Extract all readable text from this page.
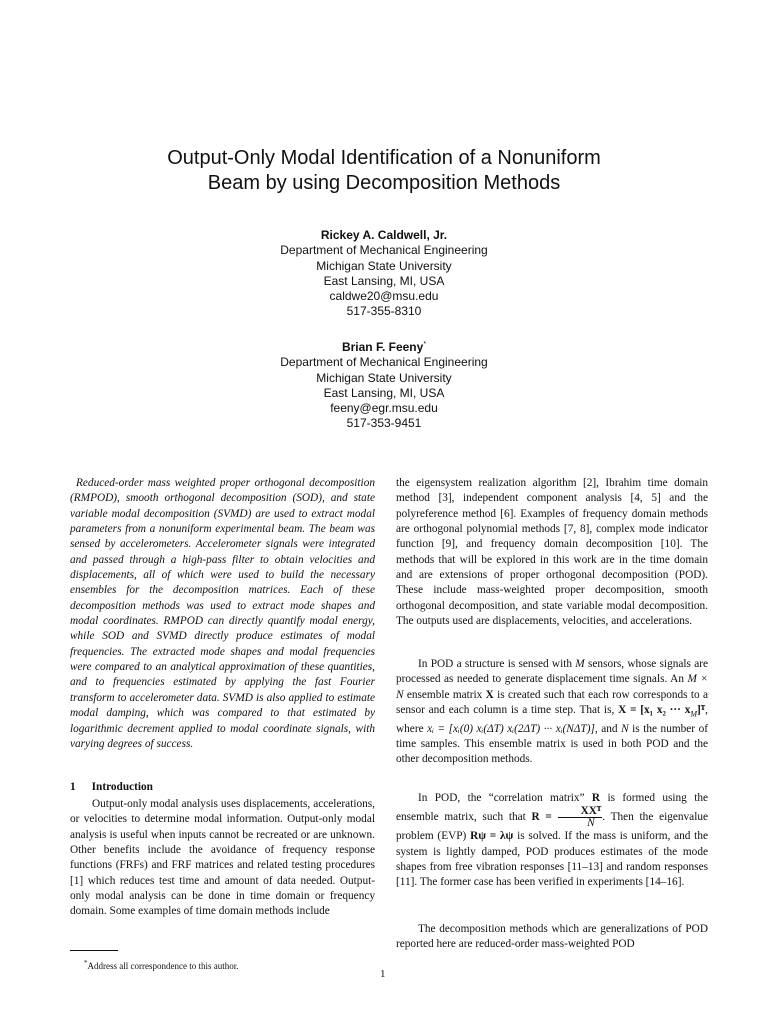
Output-Only Modal Identification of a Nonuniform
Beam by using Decomposition Methods
Rickey A. Caldwell, Jr.
Department of Mechanical Engineering
Michigan State University
East Lansing, MI, USA
caldwe20@msu.edu
517-355-8310
Brian F. Feeny*
Department of Mechanical Engineering
Michigan State University
East Lansing, MI, USA
feeny@egr.msu.edu
517-353-9451

Reduced-order mass weighted proper orthogonal decomposition (RMPOD), smooth orthogonal decomposition (SOD), and state variable modal decomposition (SVMD) are used to extract modal parameters from a nonuniform experimental beam. The beam was sensed by accelerometers. Accelerometer signals were integrated and passed through a high-pass filter to obtain velocities and displacements, all of which were used to build the necessary ensembles for the decomposition matrices. Each of these decomposition methods was used to extract mode shapes and modal coordinates. RMPOD can directly quantify modal energy, while SOD and SVMD directly produce estimates of modal frequencies. The extracted mode shapes and modal frequencies were compared to an analytical approximation of these quantities, and to frequencies estimated by applying the fast Fourier transform to accelerometer data. SVMD is also applied to estimate modal damping, which was compared to that estimated by logarithmic decrement applied to modal coordinate signals, with varying degrees of success.

1 Introduction

Output-only modal analysis uses displacements, accelerations, or velocities to determine modal information. Output-only modal analysis is useful when inputs cannot be recreated or are unknown. Other benefits include the avoidance of frequency response functions (FRFs) and FRF matrices and related testing procedures [1] which reduces test time and amount of data needed. Output-only modal analysis can be done in time domain or frequency domain. Some examples of time domain methods include

the eigensystem realization algorithm [2], Ibrahim time domain method [3], independent component analysis [4, 5] and the polyreference method [6]. Examples of frequency domain methods are orthogonal polynomial methods [7, 8], complex mode indicator function [9], and frequency domain decomposition [10]. The methods that will be explored in this work are in the time domain and are extensions of proper orthogonal decomposition (POD). These include mass-weighted proper decomposition, smooth orthogonal decomposition, and state variable modal decomposition. The outputs used are displacements, velocities, and accelerations.

In POD a structure is sensed with M sensors, whose signals are processed as needed to generate displacement time signals. An M × N ensemble matrix X is created such that each row corresponds to a sensor and each column is a time step. That is, X = [x₁ x₂ ··· $x_M]ᵀ$, where xᵢ = [xᵢ(0) xᵢ(ΔT) xᵢ(2ΔT) ··· xᵢ(NΔT)], and N is the number of time samples. This ensemble matrix is used in both POD and the other decomposition methods.

In POD, the “correlation matrix” R is formed using the ensemble matrix, such that $R = \frac{\text{XXᵀ}}{N}$ . Then the eigenvalue problem (EVP) Rψ = λψ is solved. If the mass is uniform, and the system is lightly damped, POD produces estimates of the mode shapes from free vibration responses [11–13] and random responses [11]. The former case has been verified in experiments [14–16].

The decomposition methods which are generalizations of POD reported here are reduced-order mass-weighted POD

*Address all correspondence to this author.
1
